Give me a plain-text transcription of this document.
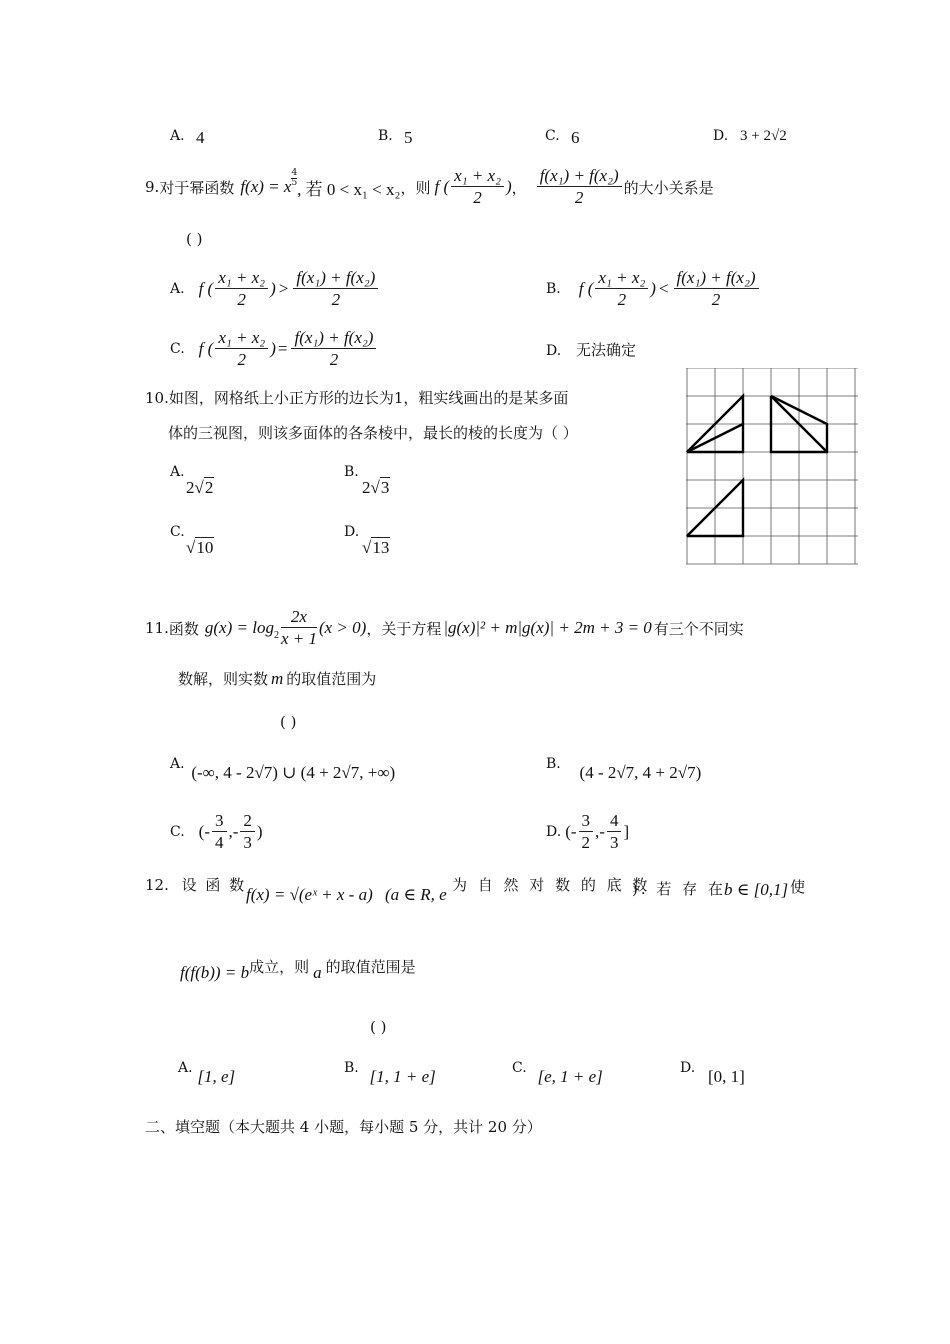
A. 4	B. 5	C. 6	D. 3 + 2√2
9. 对于幂函数 f(x) = x
4
5 , 若 0 < x₁ < x₂ ，则 f ( $\frac{\text{x₁ + x₂}}{2}$ ) ， $\frac{\text{f(x₁) + f(x₂)}}{2}$ 的大小关系是
( )
A. f ( $\frac{\text{x₁ + x₂}}{2}$ ) > $\frac{\text{f(x₁) + f(x₂)}}{2}$	B. f ( $\frac{\text{x₁ + x₂}}{2}$ ) < $\frac{\text{f(x₁) + f(x₂)}}{2}$
C. f ( $\frac{\text{x₁ + x₂}}{2}$ ) = $\frac{\text{f(x₁) + f(x₂)}}{2}$	D. 无法确定
10.如图，网格纸上小正方形的边长为1，粗实线画出的是某多面
体的三视图，则该多面体的各条棱中，最长的棱的长度为（ ）
A.
2√2
B.
2√3
C.
√10
D.
√13
11. 函数 $g(x) = \log 2 \frac{2x}{x + 1} (x > 0)$ ，关于方程 |g(x)|² + m|g(x)| + 2m + 3 = 0 有三个不同实
数解，则实数 m 的取值范围为
( )
A. (-∞, 4 - 2√7) ∪ (4 + 2√7, +∞)	B. (4 - 2√7, 4 + 2√7)
C. (- $\frac{3}{4}$ ,- $\frac{2}{3}$ )	D. (- $\frac{3}{2}$ ,- $\frac{4}{3}$ ]
12. 设 函 数 f(x) = √(eˣ + x - a) (a ∈ R, e 为 自 然 对 数 的 底 数
). 若 存 在
b ∈ [0,1] 使
f(f(b)) = b成立，则 a 的取值范围是
( )
A. [1, e]	B. [1, 1 + e]	C. [e, 1 + e]	D. [0, 1]
二、填空题（本大题共 4 小题，每小题 5 分，共计 20 分）
